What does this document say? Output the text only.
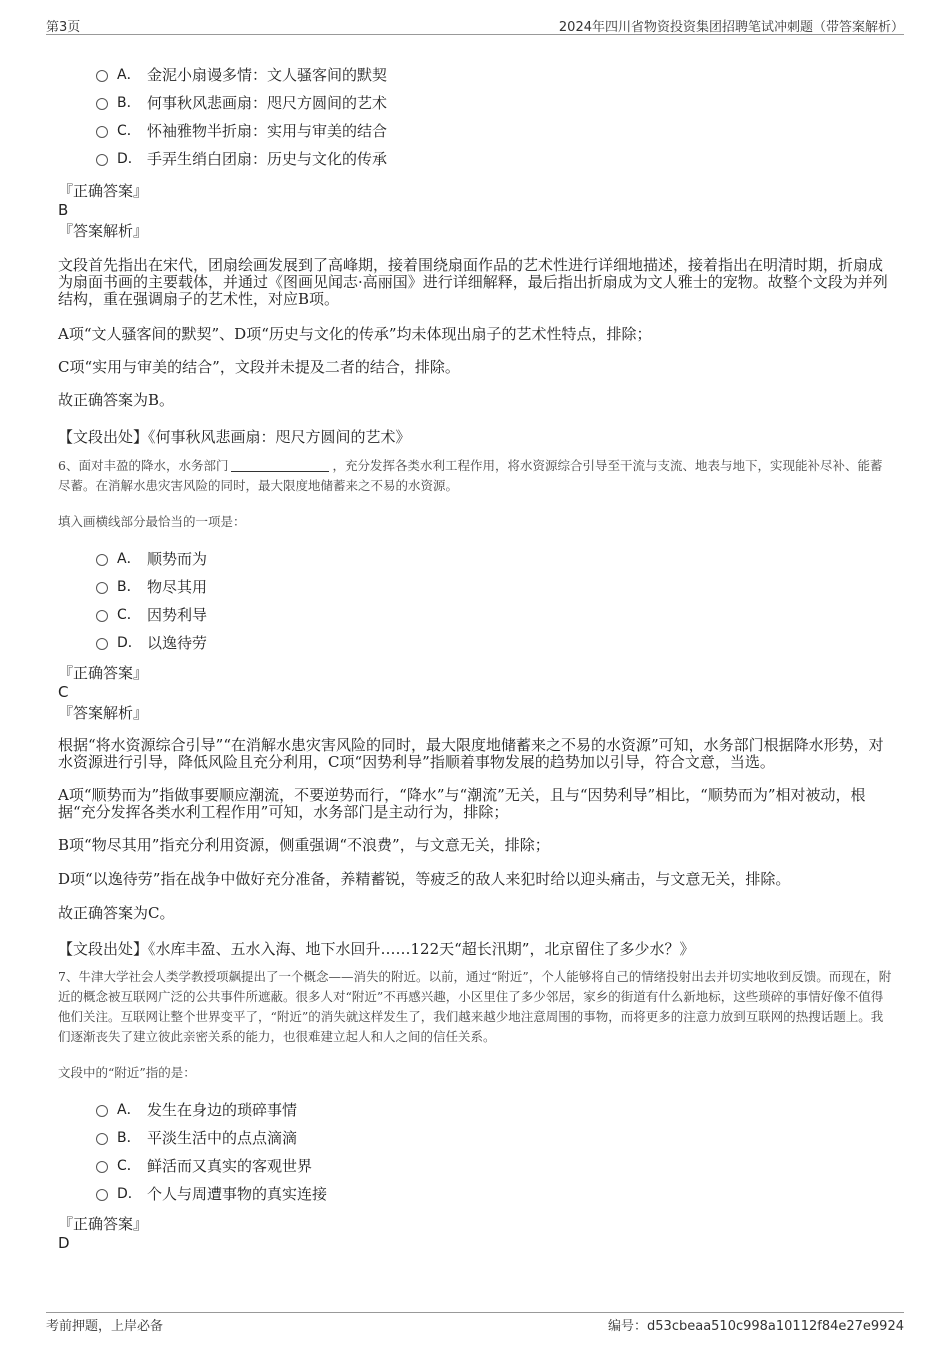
第3页	2024年四川省物资投资集团招聘笔试冲刺题（带答案解析）
A． 金泥小扇谩多情：文人骚客间的默契
B． 何事秋风悲画扇：咫尺方圆间的艺术
C． 怀袖雅物半折扇：实用与审美的结合
D． 手弄生绡白团扇：历史与文化的传承

『正确答案』

B

『答案解析』

文段首先指出在宋代，团扇绘画发展到了高峰期，接着围绕扇面作品的艺术性进行详细地描述，接着指出在明清时期，折扇成为扇面书画的主要载体，并通过《图画见闻志·高丽国》进行详细解释，最后指出折扇成为文人雅士的宠物。故整个文段为并列结构，重在强调扇子的艺术性，对应B项。

A项“文人骚客间的默契”、D项“历史与文化的传承”均未体现出扇子的艺术性特点，排除；

C项“实用与审美的结合”，文段并未提及二者的结合，排除。

故正确答案为B。

【文段出处】《何事秋风悲画扇：咫尺方圆间的艺术》

6、面对丰盈的降水，水务部门	，充分发挥各类水利工程作用，将水资源综合引导至干流与支流、地表与地下，实现能补尽补、能蓄尽蓄。在消解水患灾害风险的同时，最大限度地储蓄来之不易的水资源。

填入画横线部分最恰当的一项是：

A． 顺势而为
B． 物尽其用
C． 因势利导
D． 以逸待劳

『正确答案』

C

『答案解析』

根据“将水资源综合引导”“在消解水患灾害风险的同时，最大限度地储蓄来之不易的水资源”可知，水务部门根据降水形势，对水资源进行引导，降低风险且充分利用，C项“因势利导”指顺着事物发展的趋势加以引导，符合文意，当选。

A项“顺势而为”指做事要顺应潮流，不要逆势而行，“降水”与“潮流”无关，且与“因势利导”相比，“顺势而为”相对被动，根据“充分发挥各类水利工程作用”可知，水务部门是主动行为，排除；

B项“物尽其用”指充分利用资源，侧重强调“不浪费”，与文意无关，排除；

D项“以逸待劳”指在战争中做好充分准备，养精蓄锐，等疲乏的敌人来犯时给以迎头痛击，与文意无关，排除。

故正确答案为C。

【文段出处】《水库丰盈、五水入海、地下水回升……122天“超长汛期”，北京留住了多少水？》

7、牛津大学社会人类学教授项飙提出了一个概念——消失的附近。以前，通过“附近”，个人能够将自己的情绪投射出去并切实地收到反馈。而现在，附近的概念被互联网广泛的公共事件所遮蔽。很多人对“附近”不再感兴趣，小区里住了多少邻居，家乡的街道有什么新地标，这些琐碎的事情好像不值得他们关注。互联网让整个世界变平了，“附近”的消失就这样发生了，我们越来越少地注意周围的事物，而将更多的注意力放到互联网的热搜话题上。我们逐渐丧失了建立彼此亲密关系的能力，也很难建立起人和人之间的信任关系。

文段中的“附近”指的是：

A． 发生在身边的琐碎事情
B． 平淡生活中的点点滴滴
C． 鲜活而又真实的客观世界
D． 个人与周遭事物的真实连接

『正确答案』

D

考前押题，上岸必备	编号：d53cbeaa510c998a10112f84e27e9924
